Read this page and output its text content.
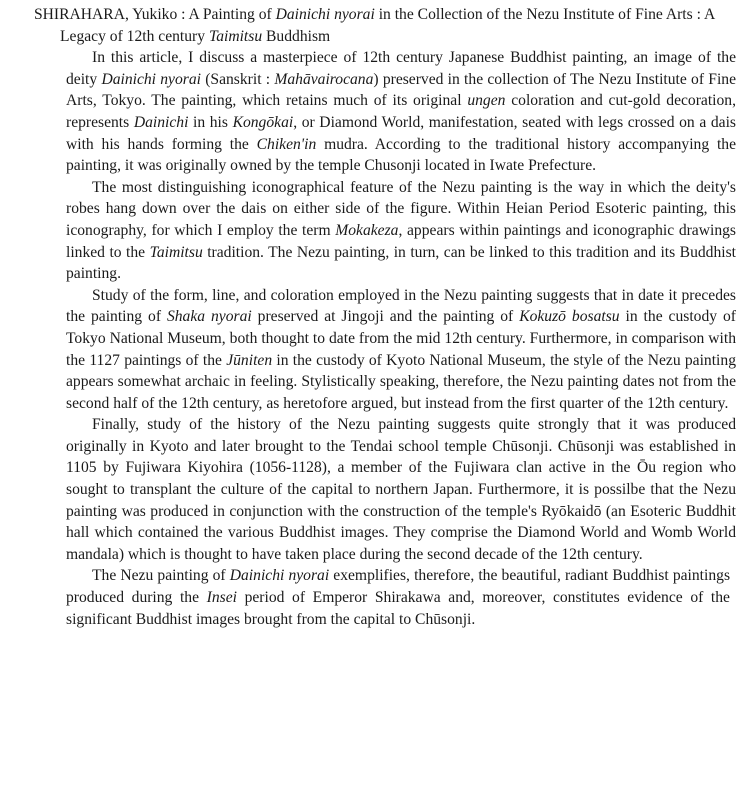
SHIRAHARA, Yukiko : A Painting of Dainichi nyorai in the Collection of the Nezu Institute of Fine Arts : A Legacy of 12th century Taimitsu Buddhism

In this article, I discuss a masterpiece of 12th century Japanese Buddhist painting, an image of the deity Dainichi nyorai (Sanskrit : Mahāvairocana) preserved in the collection of The Nezu Institute of Fine Arts, Tokyo. The painting, which retains much of its original ungen coloration and cut-gold decoration, represents Dainichi in his Kongōkai, or Diamond World, manifestation, seated with legs crossed on a dais with his hands forming the Chiken'in mudra. According to the traditional history accompanying the painting, it was originally owned by the temple Chusonji located in Iwate Prefecture.

The most distinguishing iconographical feature of the Nezu painting is the way in which the deity's robes hang down over the dais on either side of the figure. Within Heian Period Esoteric painting, this iconography, for which I employ the term Mokakeza, appears within paintings and iconographic drawings linked to the Taimitsu tradition. The Nezu painting, in turn, can be linked to this tradition and its Buddhist painting.

Study of the form, line, and coloration employed in the Nezu painting suggests that in date it precedes the painting of Shaka nyorai preserved at Jingoji and the painting of Kokuzō bosatsu in the custody of Tokyo National Museum, both thought to date from the mid 12th century. Furthermore, in comparison with the 1127 paintings of the Jūniten in the custody of Kyoto National Museum, the style of the Nezu painting appears somewhat archaic in feeling. Stylistically speaking, therefore, the Nezu painting dates not from the second half of the 12th century, as heretofore argued, but instead from the first quarter of the 12th century.

Finally, study of the history of the Nezu painting suggests quite strongly that it was produced originally in Kyoto and later brought to the Tendai school temple Chūsonji. Chūsonji was established in 1105 by Fujiwara Kiyohira (1056-1128), a member of the Fujiwara clan active in the Ōu region who sought to transplant the culture of the capital to northern Japan. Furthermore, it is possilbe that the Nezu painting was produced in conjunction with the construction of the temple's Ryōkaidō (an Esoteric Buddhit hall which contained the various Buddhist images. They comprise the Diamond World and Womb World mandala) which is thought to have taken place during the second decade of the 12th century.

The Nezu painting of Dainichi nyorai exemplifies, therefore, the beautiful, radiant Buddhist paintings produced during the Insei period of Emperor Shirakawa and, moreover, constitutes evidence of the significant Buddhist images brought from the capital to Chūsonji.
